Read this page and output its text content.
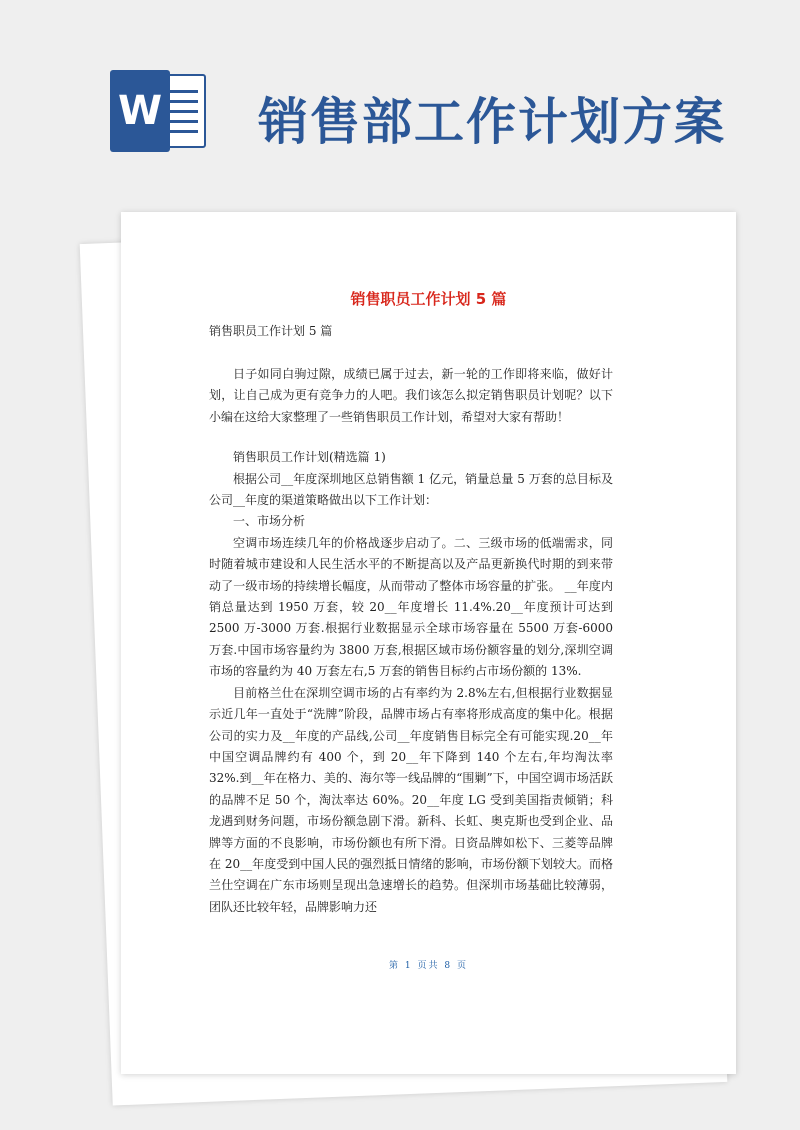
W 销售部工作计划方案
销售职员工作计划 5 篇
销售职员工作计划 5 篇

日子如同白驹过隙，成绩已属于过去，新一轮的工作即将来临，做好计划，让自己成为更有竞争力的人吧。我们该怎么拟定销售职员计划呢？以下小编在这给大家整理了一些销售职员工作计划，希望对大家有帮助！

销售职员工作计划(精选篇 1)

根据公司__年度深圳地区总销售额 1 亿元，销量总量 5 万套的总目标及公司__年度的渠道策略做出以下工作计划：

一、市场分析

空调市场连续几年的价格战逐步启动了。二、三级市场的低端需求，同时随着城市建设和人民生活水平的不断提高以及产品更新换代时期的到来带动了一级市场的持续增长幅度，从而带动了整体市场容量的扩张。 __年度内销总量达到 1950 万套，较 20__年度增长 11.4%.20__年度预计可达到 2500 万-3000 万套.根据行业数据显示全球市场容量在 5500 万套-6000 万套.中国市场容量约为 3800 万套,根据区域市场份额容量的划分,深圳空调市场的容量约为 40 万套左右,5 万套的销售目标约占市场份额的 13%.

目前格兰仕在深圳空调市场的占有率约为 2.8%左右,但根据行业数据显示近几年一直处于“洗牌”阶段，品牌市场占有率将形成高度的集中化。根据公司的实力及__年度的产品线,公司__年度销售目标完全有可能实现.20__年中国空调品牌约有 400 个，到 20__年下降到 140 个左右,年均淘汰率 32%.到__年在格力、美的、海尔等一线品牌的“围剿”下，中国空调市场活跃的品牌不足 50 个，淘汰率达 60%。20__年度 LG 受到美国指责倾销；科龙遇到财务问题，市场份额急剧下滑。新科、长虹、奥克斯也受到企业、品牌等方面的不良影响，市场份额也有所下滑。日资品牌如松下、三菱等品牌在 20__年度受到中国人民的强烈抵日情绪的影响，市场份额下划较大。而格兰仕空调在广东市场则呈现出急速增长的趋势。但深圳市场基础比较薄弱，团队还比较年轻，品牌影响力还

第 1 页共 8 页
